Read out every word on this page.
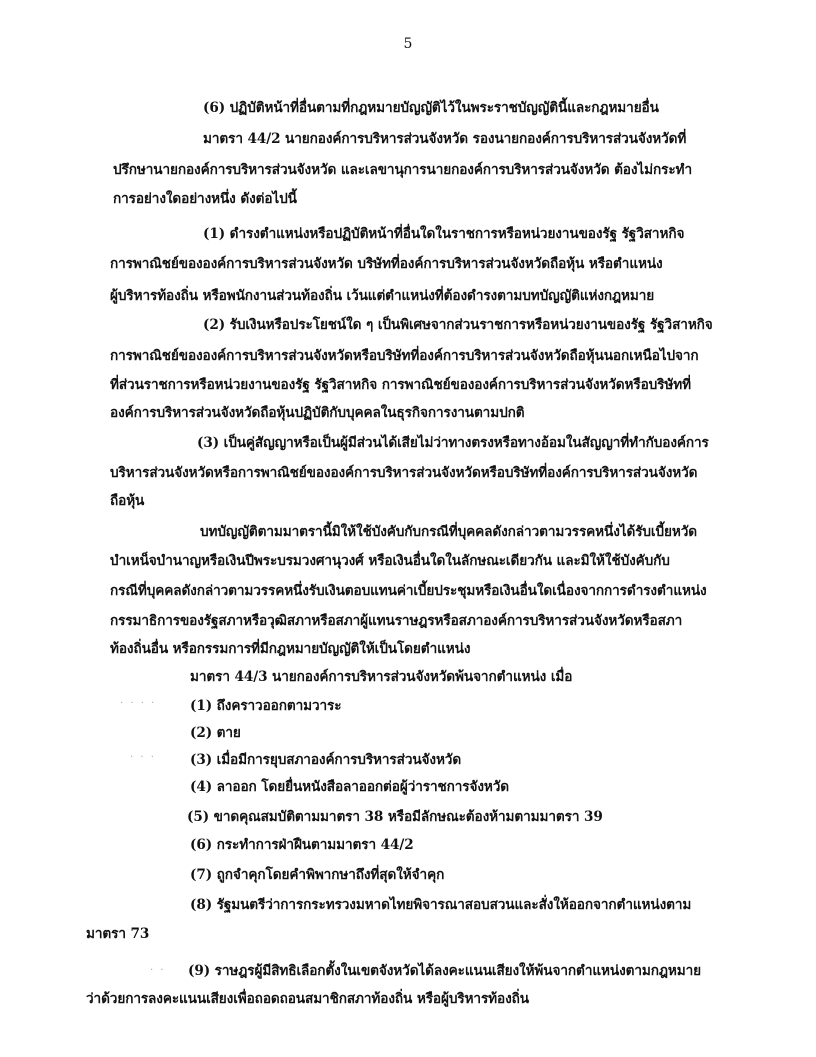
5
(6) ปฏิบัติหน้าที่อื่นตามที่กฎหมายบัญญัติไว้ในพระราชบัญญัตินี้และกฎหมายอื่น
มาตรา 44/2 นายกองค์การบริหารส่วนจังหวัด รองนายกองค์การบริหารส่วนจังหวัดที่
ปรึกษานายกองค์การบริหารส่วนจังหวัด และเลขานุการนายกองค์การบริหารส่วนจังหวัด ต้องไม่กระทำ
การอย่างใดอย่างหนึ่ง ดังต่อไปนี้
(1) ดำรงตำแหน่งหรือปฏิบัติหน้าที่อื่นใดในราชการหรือหน่วยงานของรัฐ รัฐวิสาหกิจ
การพาณิชย์ขององค์การบริหารส่วนจังหวัด บริษัทที่องค์การบริหารส่วนจังหวัดถือหุ้น หรือตำแหน่ง
ผู้บริหารท้องถิ่น หรือพนักงานส่วนท้องถิ่น เว้นแต่ตำแหน่งที่ต้องดำรงตามบทบัญญัติแห่งกฎหมาย
(2) รับเงินหรือประโยชน์ใด ๆ เป็นพิเศษจากส่วนราชการหรือหน่วยงานของรัฐ รัฐวิสาหกิจ
การพาณิชย์ขององค์การบริหารส่วนจังหวัดหรือบริษัทที่องค์การบริหารส่วนจังหวัดถือหุ้นนอกเหนือไปจาก
ที่ส่วนราชการหรือหน่วยงานของรัฐ รัฐวิสาหกิจ การพาณิชย์ขององค์การบริหารส่วนจังหวัดหรือบริษัทที่
องค์การบริหารส่วนจังหวัดถือหุ้นปฏิบัติกับบุคคลในธุรกิจการงานตามปกติ
(3) เป็นคู่สัญญาหรือเป็นผู้มีส่วนได้เสียไม่ว่าทางตรงหรือทางอ้อมในสัญญาที่ทำกับองค์การ
บริหารส่วนจังหวัดหรือการพาณิชย์ขององค์การบริหารส่วนจังหวัดหรือบริษัทที่องค์การบริหารส่วนจังหวัด
ถือหุ้น
บทบัญญัติตามมาตรานี้มิให้ใช้บังคับกับกรณีที่บุคคลดังกล่าวตามวรรคหนึ่งได้รับเบี้ยหวัด
บำเหน็จบำนาญหรือเงินปีพระบรมวงศานุวงศ์ หรือเงินอื่นใดในลักษณะเดียวกัน และมิให้ใช้บังคับกับ
กรณีที่บุคคลดังกล่าวตามวรรคหนึ่งรับเงินตอบแทนค่าเบี้ยประชุมหรือเงินอื่นใดเนื่องจากการดำรงตำแหน่ง
กรรมาธิการของรัฐสภาหรือวุฒิสภาหรือสภาผู้แทนราษฎรหรือสภาองค์การบริหารส่วนจังหวัดหรือสภา
ท้องถิ่นอื่น หรือกรรมการที่มีกฎหมายบัญญัติให้เป็นโดยตำแหน่ง
มาตรา 44/3 นายกองค์การบริหารส่วนจังหวัดพ้นจากตำแหน่ง เมื่อ
· · · · (1) ถึงคราวออกตามวาระ
(2) ตาย
· · ·	(3) เมื่อมีการยุบสภาองค์การบริหารส่วนจังหวัด
(4) ลาออก โดยยื่นหนังสือลาออกต่อผู้ว่าราชการจังหวัด
(5) ขาดคุณสมบัติตามมาตรา 38 หรือมีลักษณะต้องห้ามตามมาตรา 39
(6) กระทำการฝ่าฝืนตามมาตรา 44/2
(7) ถูกจำคุกโดยคำพิพากษาถึงที่สุดให้จำคุก
(8) รัฐมนตรีว่าการกระทรวงมหาดไทยพิจารณาสอบสวนและสั่งให้ออกจากตำแหน่งตาม
มาตรา 73
· · (9) ราษฎรผู้มีสิทธิเลือกตั้งในเขตจังหวัดได้ลงคะแนนเสียงให้พ้นจากตำแหน่งตามกฎหมาย
ว่าด้วยการลงคะแนนเสียงเพื่อถอดถอนสมาชิกสภาท้องถิ่น หรือผู้บริหารท้องถิ่น
